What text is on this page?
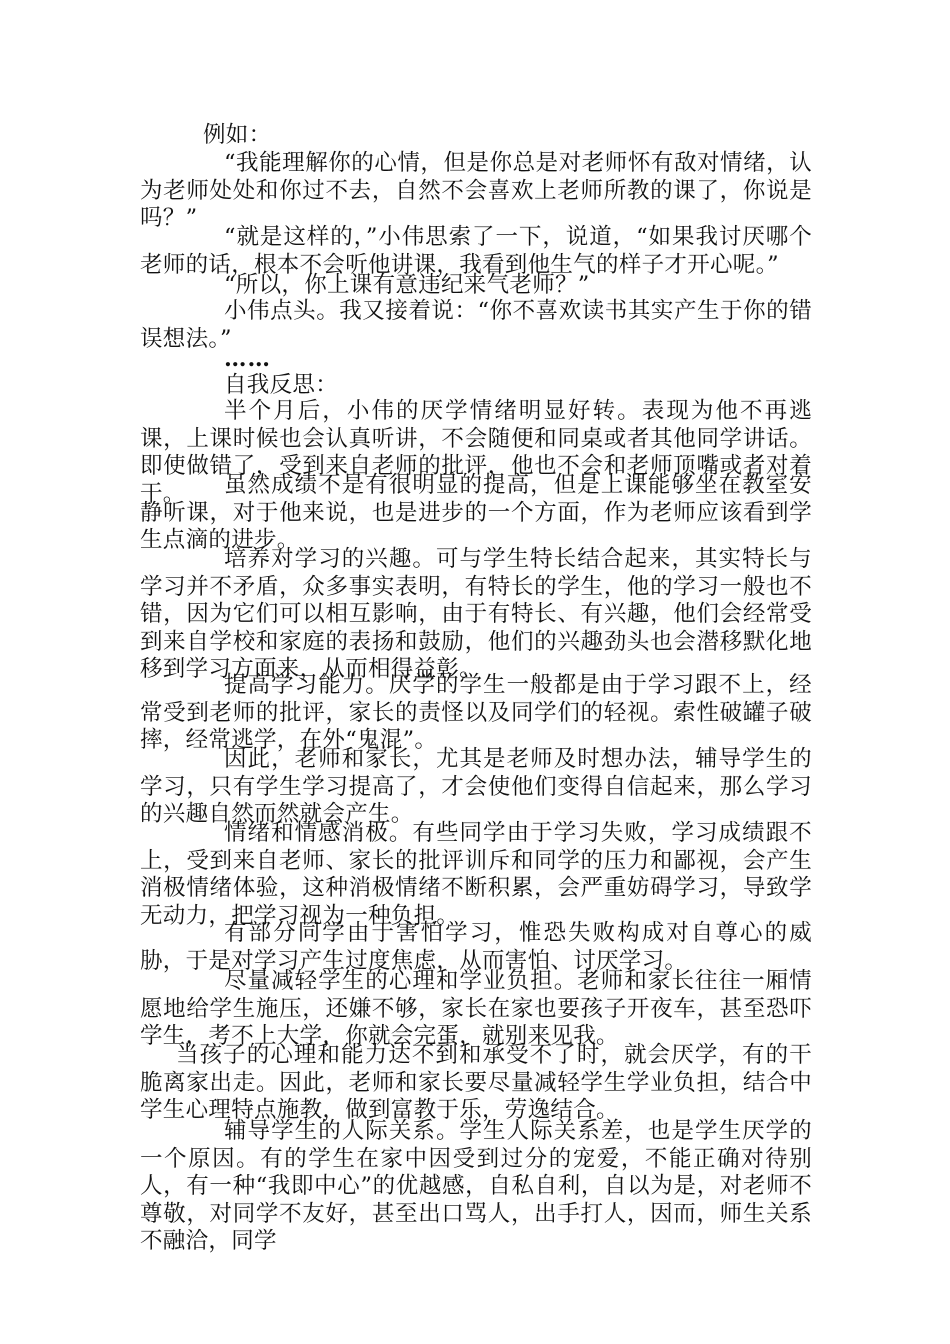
例如：

“我能理解你的心情，但是你总是对老师怀有敌对情绪，认为老师处处和你过不去，自然不会喜欢上老师所教的课了，你说是吗？”

“就是这样的，”小伟思索了一下，说道，“如果我讨厌哪个老师的话，根本不会听他讲课，我看到他生气的样子才开心呢。”

“所以，你上课有意违纪来气老师？”

小伟点头。我又接着说：“你不喜欢读书其实产生于你的错误想法。”

……

自我反思：

半个月后，小伟的厌学情绪明显好转。表现为他不再逃课，上课时候也会认真听讲，不会随便和同桌或者其他同学讲话。即使做错了，受到来自老师的批评，他也不会和老师顶嘴或者对着干。	虽然成绩不是有很明显的提高，但是上课能够坐在教室安静听课，对于他来说，也是进步的一个方面，作为老师应该看到学生点滴的进步。

培养对学习的兴趣。可与学生特长结合起来，其实特长与学习并不矛盾，众多事实表明，有特长的学生，他的学习一般也不错，因为它们可以相互影响，由于有特长、有兴趣，他们会经常受到来自学校和家庭的表扬和鼓励，他们的兴趣劲头也会潜移默化地移到学习方面来，从而相得益彰。

提高学习能力。厌学的学生一般都是由于学习跟不上，经常受到老师的批评，家长的责怪以及同学们的轻视。索性破罐子破摔，经常逃学，在外“鬼混”。

因此，老师和家长，尤其是老师及时想办法，辅导学生的学习，只有学生学习提高了，才会使他们变得自信起来，那么学习的兴趣自然而然就会产生。

情绪和情感消极。有些同学由于学习失败，学习成绩跟不上，受到来自老师、家长的批评训斥和同学的压力和鄙视，会产生消极情绪体验，这种消极情绪不断积累，会严重妨碍学习，导致学无动力，把学习视为一种负担。

有部分同学由于害怕学习，惟恐失败构成对自尊心的威胁，于是对学习产生过度焦虑，从而害怕、讨厌学习。

尽量减轻学生的心理和学业负担。老师和家长往往一厢情愿地给学生施压，还嫌不够，家长在家也要孩子开夜车，甚至恐吓学生，考不上大学，你就会完蛋，就别来见我。

当孩子的心理和能力达不到和承受不了时，就会厌学，有的干脆离家出走。因此，老师和家长要尽量减轻学生学业负担，结合中学生心理特点施教，做到富教于乐，劳逸结合。

辅导学生的人际关系。学生人际关系差，也是学生厌学的一个原因。有的学生在家中因受到过分的宠爱，不能正确对待别人，有一种“我即中心”的优越感，自私自利，自以为是，对老师不尊敬，对同学不友好，甚至出口骂人，出手打人，因而，师生关系不融洽，同学
